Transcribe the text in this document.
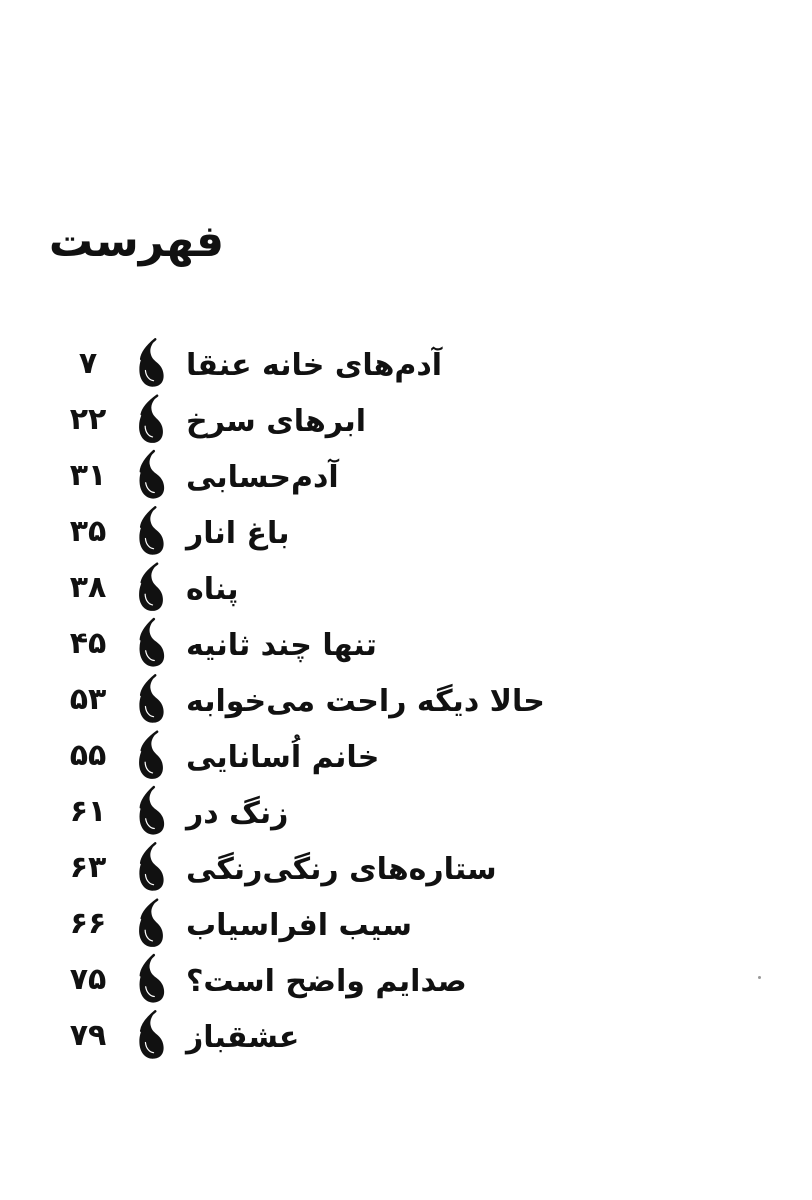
فهرست
۷	آدم‌های خانه عنقا
۲۲	ابرهای سرخ
۳۱	آدم‌حسابی
۳۵	باغ انار
۳۸	پناه
۴۵	تنها چند ثانیه
۵۳	حالا دیگه راحت می‌خوابه
۵۵	خانم اُسانایی
۶۱	زنگ در
۶۳	ستاره‌های رنگی‌رنگی
۶۶	سیب افراسیاب
۷۵	صدایم واضح است؟
۷۹	عشقباز
